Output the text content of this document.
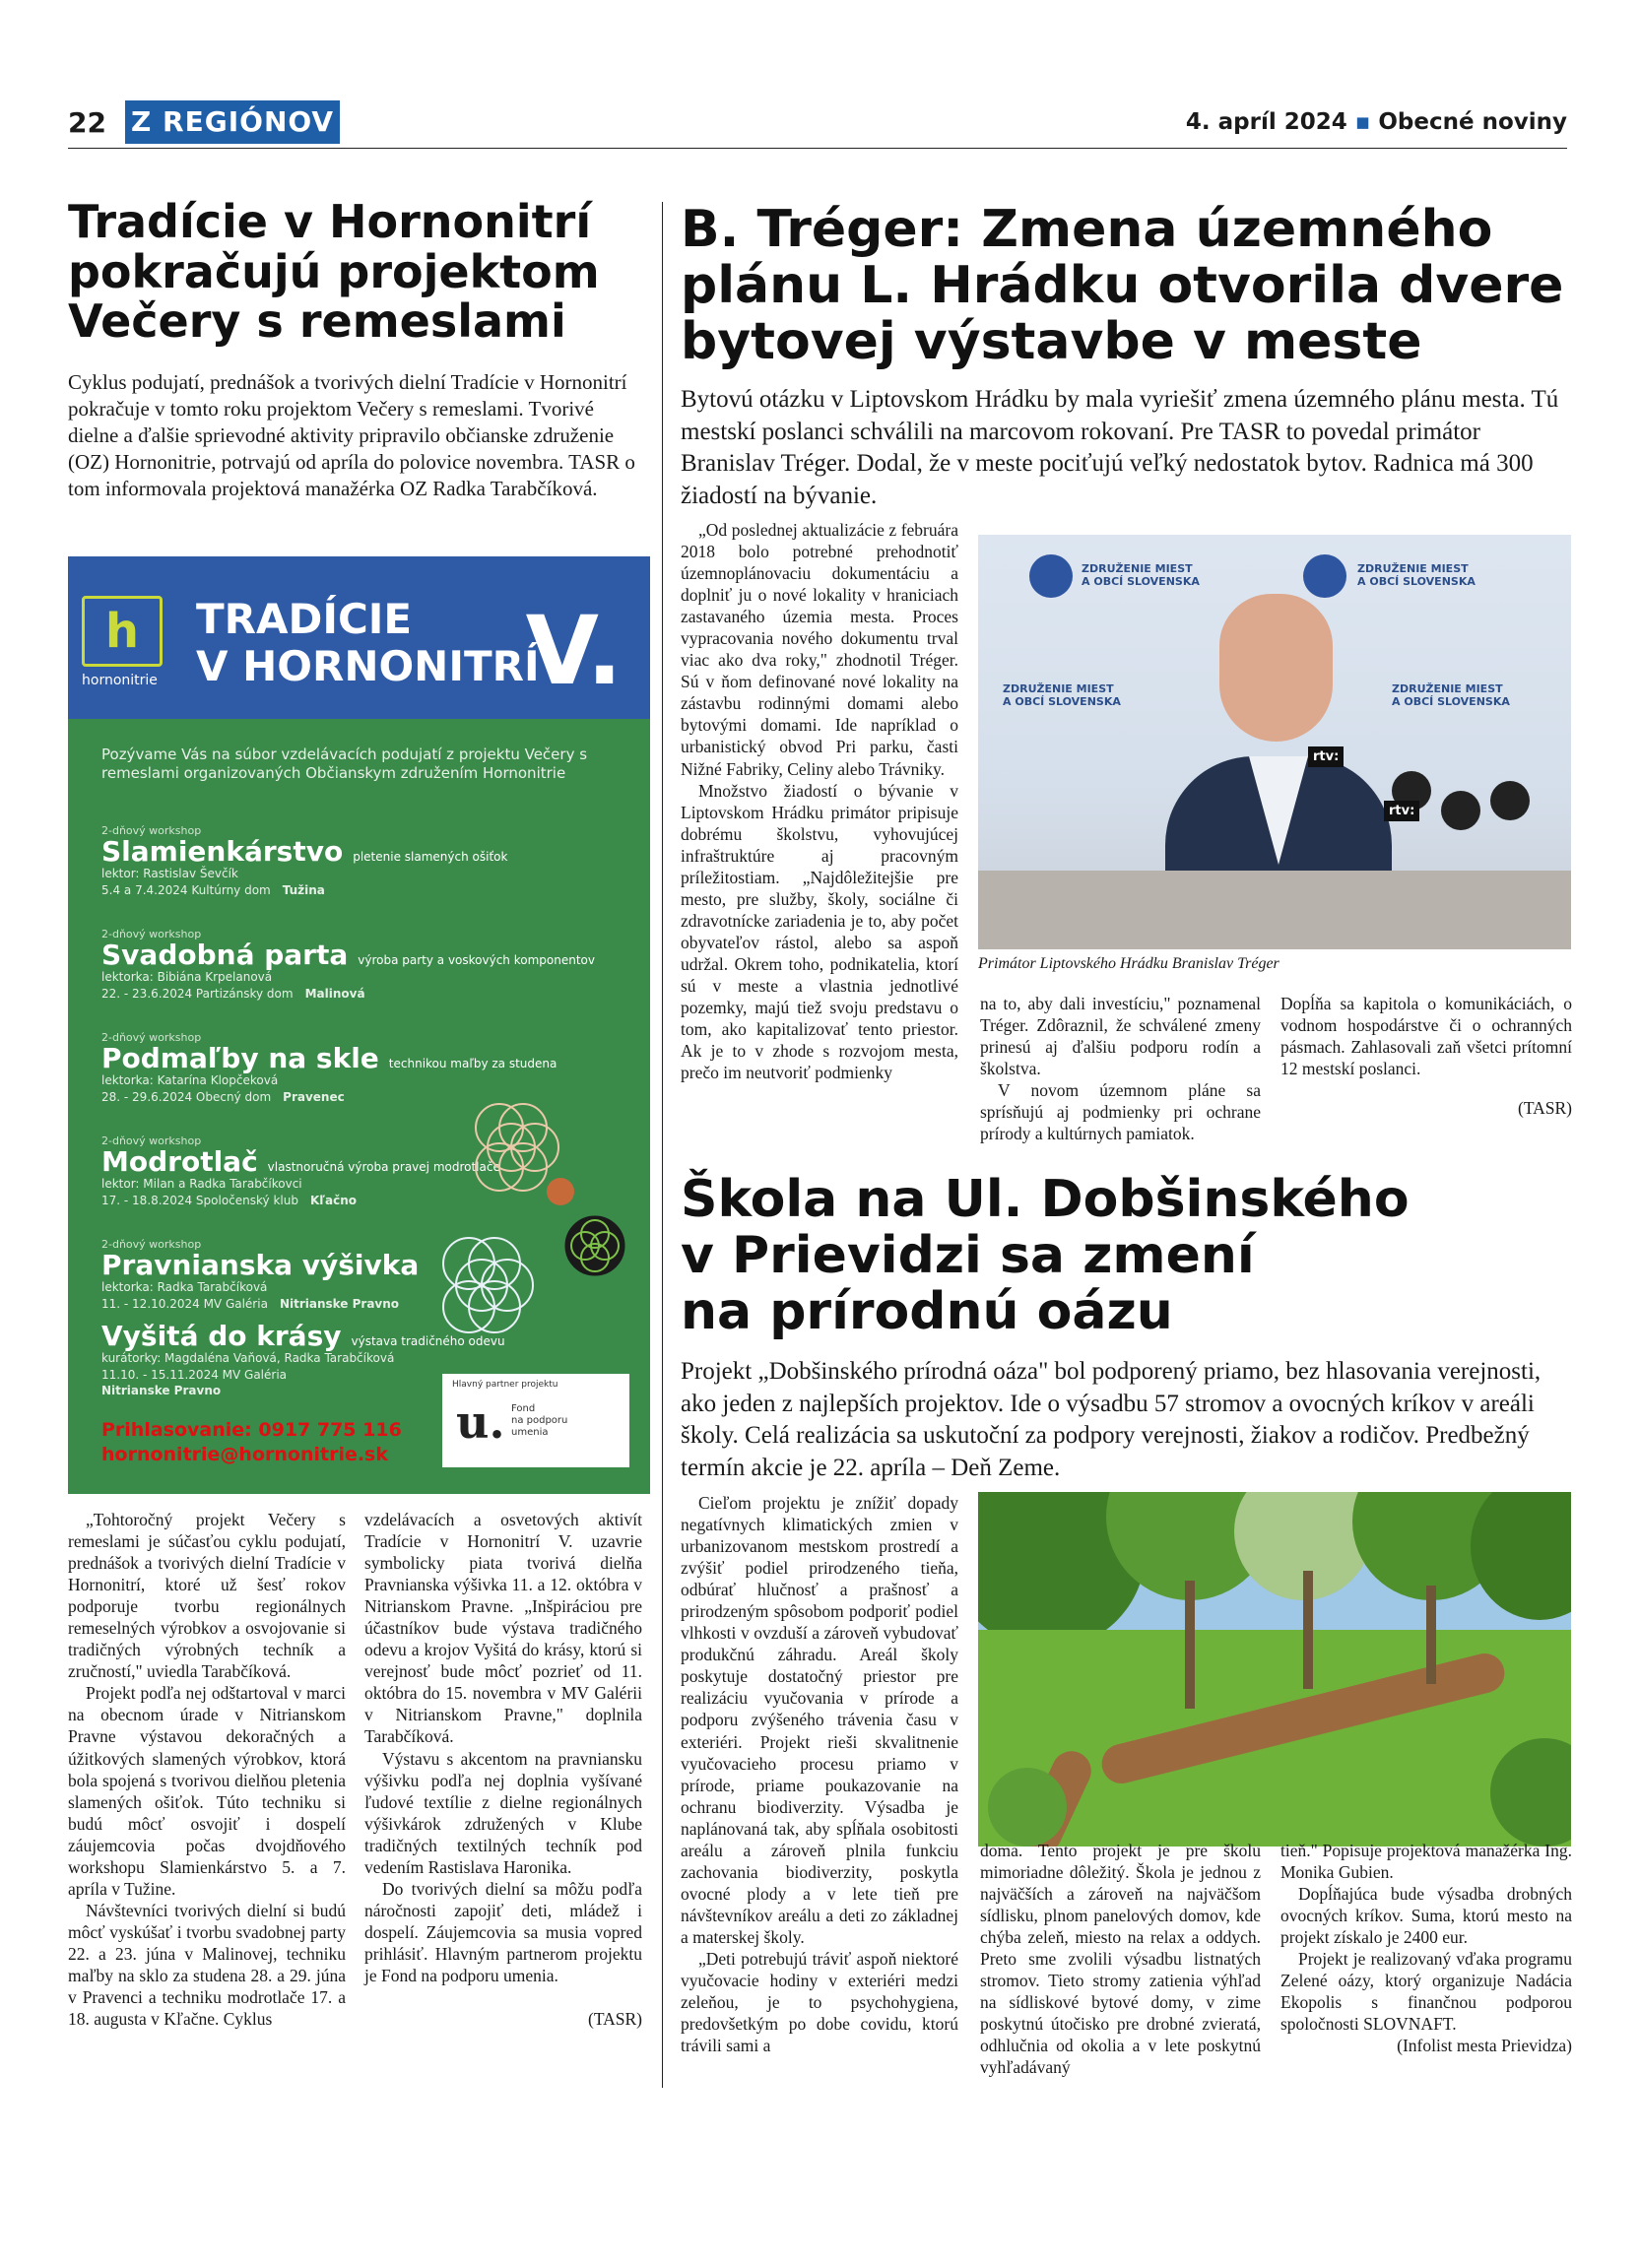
22 Z REGIÓNOV	4. apríl 2024 ▪ Obecné noviny
Tradície v Hornonitrí
pokračujú projektom
Večery s remeslami
Cyklus podujatí, prednášok a tvorivých dielní Tradície v Hornonitrí pokračuje v tomto roku projektom Večery s remeslami. Tvorivé dielne a ďalšie sprievodné aktivity pripravilo občianske združenie (OZ) Hornonitrie, potrvajú od apríla do polovice novembra. TASR o tom informovala projektová manažérka OZ Radka Tarabčíková.
h
hornonitrie
TRADÍCIE
V HORNONITRÍ
V.
Pozývame Vás na súbor vzdelávacích podujatí z projektu Večery s remeslami organizovaných Občianskym združením Hornonitrie
2-dňový workshop
Slamienkárstvo pletenie slamených ošiťok
lektor: Rastislav Ševčík
5.4 a 7.4.2024 Kultúrny dom Tužina
2-dňový workshop
Svadobná parta výroba party a voskových komponentov
lektorka: Bibiána Krpelanová
22. - 23.6.2024 Partizánsky dom Malinová
2-dňový workshop
Podmaľby na skle technikou maľby za studena
lektorka: Katarína Klopčeková
28. - 29.6.2024 Obecný dom Pravenec
2-dňový workshop
Modrotlač vlastnoručná výroba pravej modrotlače
lektor: Milan a Radka Tarabčíkovci
17. - 18.8.2024 Spoločenský klub Kľačno
2-dňový workshop
Pravnianska výšivka
lektorka: Radka Tarabčíková
11. - 12.10.2024 MV Galéria Nitrianske Pravno
Vyšitá do krásy výstava tradičného odevu
kurátorky: Magdaléna Vaňová, Radka Tarabčíková
11.10. - 15.11.2024 MV Galéria
Nitrianske Pravno
Prihlasovanie: 0917 775 116
hornonitrie@hornonitrie.sk
Hlavný partner projektu
u. Fond
na podporu
umenia

„Tohtoročný projekt Večery s remeslami je súčasťou cyklu podujatí, prednášok a tvorivých dielní Tradície v Hornonitrí, ktoré už šesť rokov podporuje tvorbu regionálnych remeselných výrobkov a osvojovanie si tradičných výrobných techník a zručností," uviedla Tarabčíková.

Projekt podľa nej odštartoval v marci na obecnom úrade v Nitrianskom Pravne výstavou dekoračných a úžitkových slamených výrobkov, ktorá bola spojená s tvorivou dielňou pletenia slamených ošiťok. Túto techniku si budú môcť osvojiť i dospelí záujemcovia počas dvojdňového workshopu Slamienkárstvo 5. a 7. apríla v Tužine.

Návštevníci tvorivých dielní si budú môcť vyskúšať i tvorbu svadobnej party 22. a 23. júna v Malinovej, techniku maľby na sklo za studena 28. a 29. júna v Pravenci a techniku modrotlače 17. a 18. augusta v Kľačne. Cyklus

vzdelávacích a osvetových aktivít Tradície v Hornonitrí V. uzavrie symbolicky piata tvorivá dielňa Pravnianska výšivka 11. a 12. októbra v Nitrianskom Pravne. „Inšpiráciou pre účastníkov bude výstava tradičného odevu a krojov Vyšitá do krásy, ktorú si verejnosť bude môcť pozrieť od 11. októbra do 15. novembra v MV Galérii v Nitrianskom Pravne," doplnila Tarabčíková.

Výstavu s akcentom na pravniansku výšivku podľa nej doplnia vyšívané ľudové textílie z dielne regionálnych výšivkárok združených v Klube tradičných textilných techník pod vedením Rastislava Haronika.

Do tvorivých dielní sa môžu podľa náročnosti zapojiť deti, mládež i dospelí. Záujemcovia sa musia vopred prihlásiť. Hlavným partnerom projektu je Fond na podporu umenia.

(TASR)
B. Tréger: Zmena územného
plánu L. Hrádku otvorila dvere
bytovej výstavbe v meste
Bytovú otázku v Liptovskom Hrádku by mala vyriešiť zmena územného plánu mesta. Tú mestskí poslanci schválili na marcovom rokovaní. Pre TASR to povedal primátor Branislav Tréger. Dodal, že v meste pociťujú veľký nedostatok bytov. Radnica má 300 žiadostí na bývanie.

„Od poslednej aktualizácie z februára 2018 bolo potrebné prehodnotiť územnoplánovaciu dokumentáciu a doplniť ju o nové lokality v hraniciach zastavaného územia mesta. Proces vypracovania nového dokumentu trval viac ako dva roky," zhodnotil Tréger. Sú v ňom definované nové lokality na zástavbu rodinnými domami alebo bytovými domami. Ide napríklad o urbanistický obvod Pri parku, časti Nižné Fabriky, Celiny alebo Trávniky.

Množstvo žiadostí o bývanie v Liptovskom Hrádku primátor pripisuje dobrému školstvu, vyhovujúcej infraštruktúre aj pracovným príležitostiam. „Najdôležitejšie pre mesto, pre služby, školy, sociálne či zdravotnícke zariadenia je to, aby počet obyvateľov rástol, alebo sa aspoň udržal. Okrem toho, podnikatelia, ktorí sú v meste a vlastnia jednotlivé pozemky, majú tiež svoju predstavu o tom, ako kapitalizovať tento priestor. Ak je to v zhode s rozvojom mesta, prečo im neutvoriť podmienky

ZDRUŽENIE MIEST
A OBCÍ SLOVENSKA
ZDRUŽENIE MIEST
A OBCÍ SLOVENSKA
ZDRUŽENIE MIEST
A OBCÍ SLOVENSKA
ZDRUŽENIE MIEST
A OBCÍ SLOVENSKA
rtv:
rtv:
Primátor Liptovského Hrádku Branislav Tréger

na to, aby dali investíciu," poznamenal Tréger. Zdôraznil, že schválené zmeny prinesú aj ďalšiu podporu rodín a školstva.

V novom územnom pláne sa sprísňujú aj podmienky pri ochrane prírody a kultúrnych pamiatok.

Dopĺňa sa kapitola o komunikáciách, o vodnom hospodárstve či o ochranných pásmach. Zahlasovali zaň všetci prítomní 12 mestskí poslanci.

(TASR)
Škola na Ul. Dobšinského
v Prievidzi sa zmení
na prírodnú oázu
Projekt „Dobšinského prírodná oáza" bol podporený priamo, bez hlasovania verejnosti, ako jeden z najlepších projektov. Ide o výsadbu 57 stromov a ovocných kríkov v areáli školy. Celá realizácia sa uskutoční za podpory verejnosti, žiakov a rodičov. Predbežný termín akcie je 22. apríla – Deň Zeme.

Cieľom projektu je znížiť dopady negatívnych klimatických zmien v urbanizovanom mestskom prostredí a zvýšiť podiel prirodzeného tieňa, odbúrať hlučnosť a prašnosť a prirodzeným spôsobom podporiť podiel vlhkosti v ovzduší a zároveň vybudovať produkčnú záhradu. Areál školy poskytuje dostatočný priestor pre realizáciu vyučovania v prírode a podporu zvýšeného trávenia času v exteriéri. Projekt rieši skvalitnenie vyučovacieho procesu priamo v prírode, priame poukazovanie na ochranu biodiverzity. Výsadba je naplánovaná tak, aby spĺňala osobitosti areálu a zároveň plnila funkciu zachovania biodiverzity, poskytla ovocné plody a v lete tieň pre návštevníkov areálu a deti zo základnej a materskej školy.

„Deti potrebujú tráviť aspoň niektoré vyučovacie hodiny v exteriéri medzi zeleňou, je to psychohygiena, predovšetkým po dobe covidu, ktorú trávili sami a

doma. Tento projekt je pre školu mimoriadne dôležitý. Škola je jednou z najväčších a zároveň na najväčšom sídlisku, plnom panelových domov, kde chýba zeleň, miesto na relax a oddych. Preto sme zvolili výsadbu listnatých stromov. Tieto stromy zatienia výhľad na sídliskové bytové domy, v zime poskytnú útočisko pre drobné zvieratá, odhlučnia od okolia a v lete poskytnú vyhľadávaný

tieň." Popisuje projektová manažérka Ing. Monika Gubien.

Dopĺňajúca bude výsadba drobných ovocných kríkov. Suma, ktorú mesto na projekt získalo je 2400 eur.

Projekt je realizovaný vďaka programu Zelené oázy, ktorý organizuje Nadácia Ekopolis s finančnou podporou spoločnosti SLOVNAFT.

(Infolist mesta Prievidza)
